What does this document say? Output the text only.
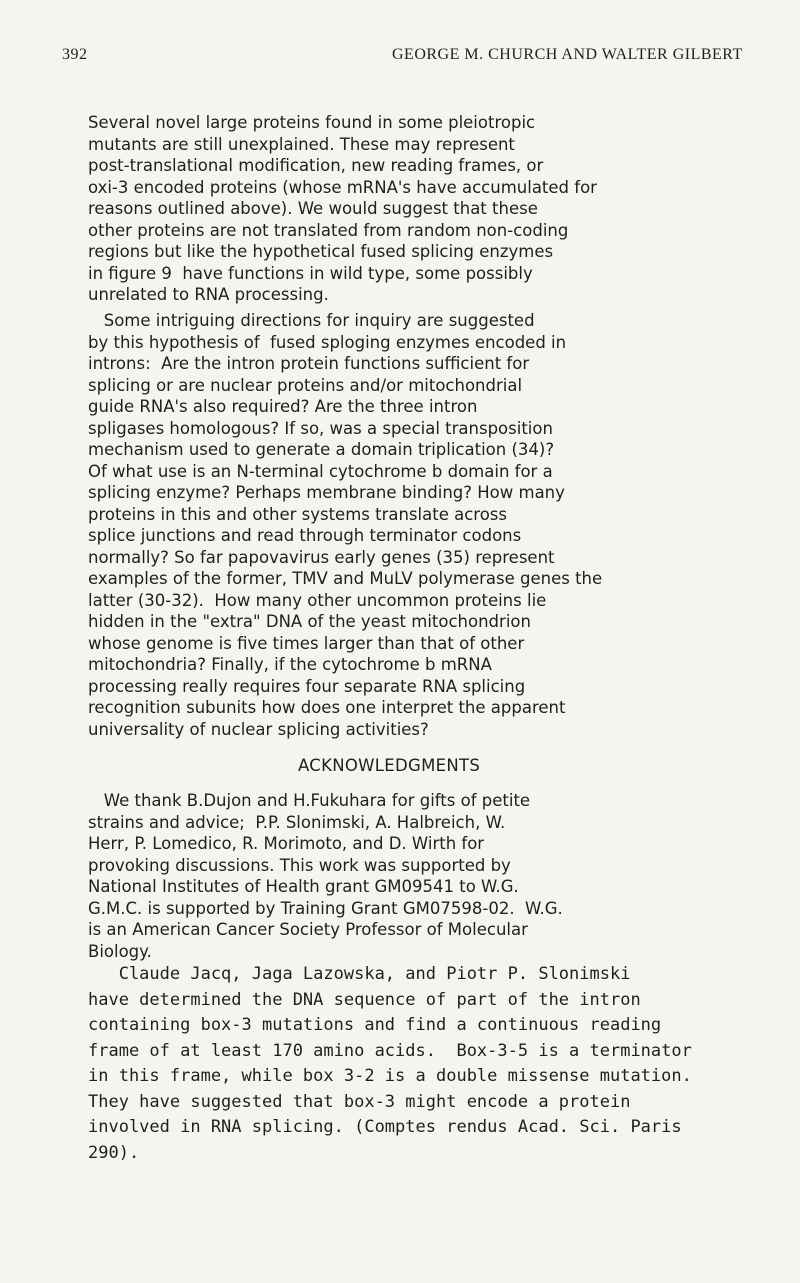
392	GEORGE M. CHURCH AND WALTER GILBERT
Several novel large proteins found in some pleiotropic
mutants are still unexplained. These may represent
post-translational modification, new reading frames, or
oxi-3 encoded proteins (whose mRNA's have accumulated for
reasons outlined above). We would suggest that these
other proteins are not translated from random non-coding
regions but like the hypothetical fused splicing enzymes
in figure 9  have functions in wild type, some possibly
unrelated to RNA processing.
Some intriguing directions for inquiry are suggested
by this hypothesis of  fused sploging enzymes encoded in
introns:  Are the intron protein functions sufficient for
splicing or are nuclear proteins and/or mitochondrial
guide RNA's also required? Are the three intron
spligases homologous? If so, was a special transposition
mechanism used to generate a domain triplication (34)?
Of what use is an N-terminal cytochrome b domain for a
splicing enzyme? Perhaps membrane binding? How many
proteins in this and other systems translate across
splice junctions and read through terminator codons
normally? So far papovavirus early genes (35) represent
examples of the former, TMV and MuLV polymerase genes the
latter (30-32).  How many other uncommon proteins lie
hidden in the "extra" DNA of the yeast mitochondrion
whose genome is five times larger than that of other
mitochondria? Finally, if the cytochrome b mRNA
processing really requires four separate RNA splicing
recognition subunits how does one interpret the apparent
universality of nuclear splicing activities?
ACKNOWLEDGMENTS
We thank B.Dujon and H.Fukuhara for gifts of petite
strains and advice;  P.P. Slonimski, A. Halbreich, W.
Herr, P. Lomedico, R. Morimoto, and D. Wirth for
provoking discussions. This work was supported by
National Institutes of Health grant GM09541 to W.G.
G.M.C. is supported by Training Grant GM07598-02.  W.G.
is an American Cancer Society Professor of Molecular
Biology.
Claude Jacq, Jaga Lazowska, and Piotr P. Slonimski
have determined the DNA sequence of part of the intron
containing box-3 mutations and find a continuous reading
frame of at least 170 amino acids.  Box-3-5 is a terminator
in this frame, while box 3-2 is a double missense mutation.
They have suggested that box-3 might encode a protein
involved in RNA splicing. (Comptes rendus Acad. Sci. Paris
290).
